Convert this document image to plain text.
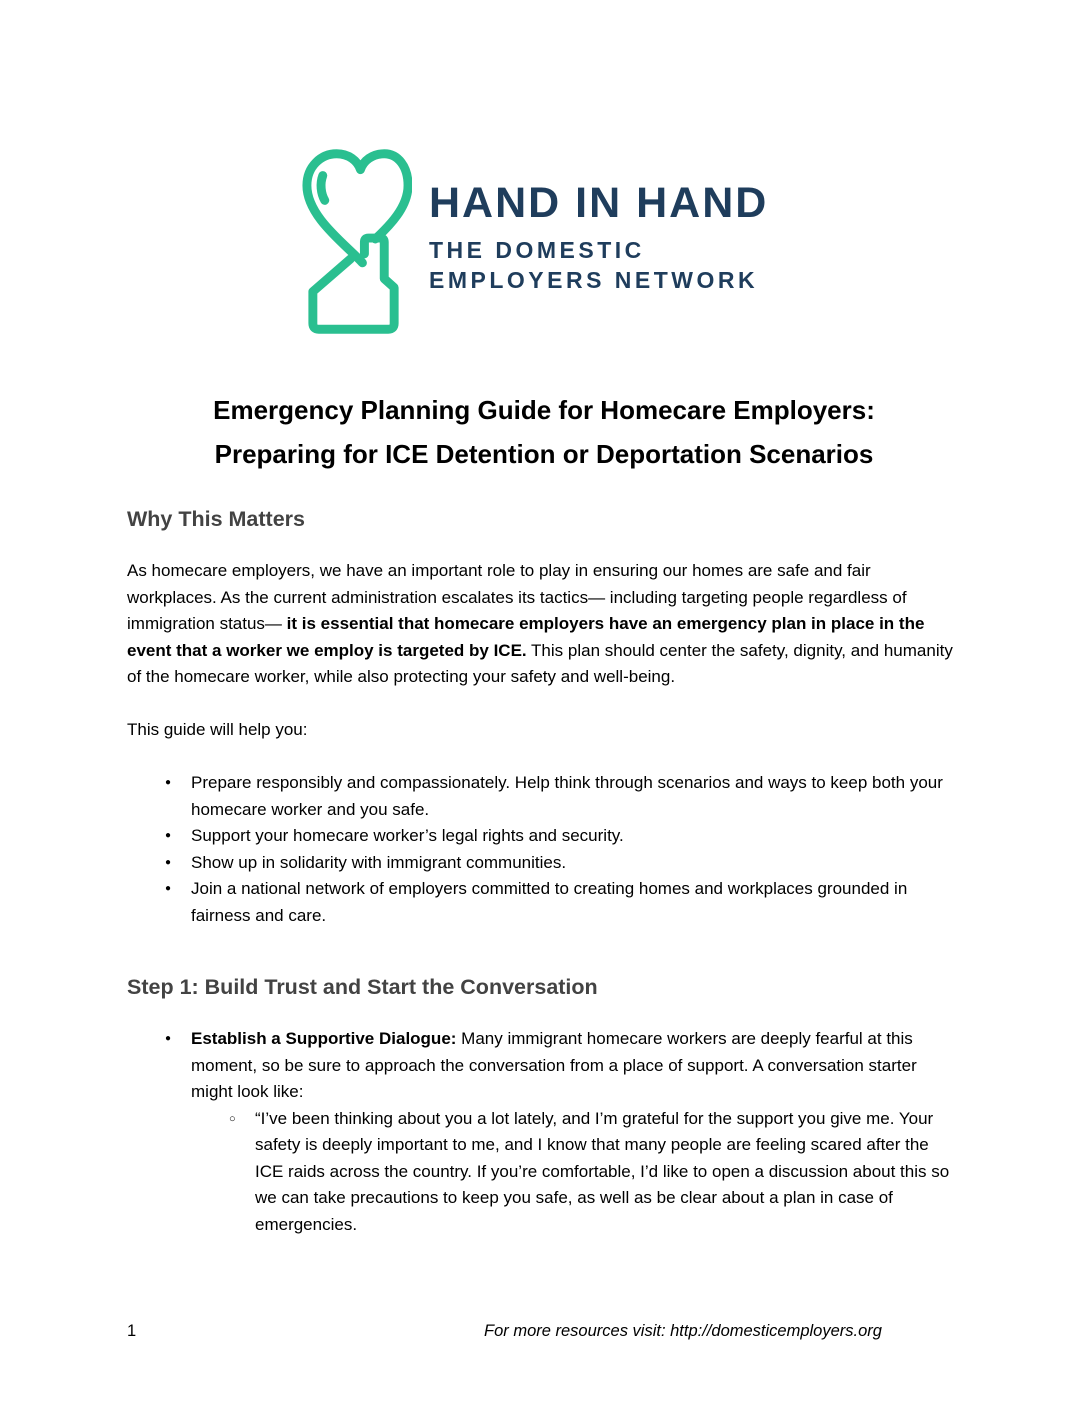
HAND IN HAND
THE DOMESTIC
EMPLOYERS NETWORK
Emergency Planning Guide for Homecare Employers:
Preparing for ICE Detention or Deportation Scenarios
Why This Matters
As homecare employers, we have an important role to play in ensuring our homes are safe and fair workplaces. As the current administration escalates its tactics— including targeting people regardless of immigration status— it is essential that homecare employers have an emergency plan in place in the event that a worker we employ is targeted by ICE. This plan should center the safety, dignity, and humanity of the homecare worker, while also protecting your safety and well-being.
This guide will help you:
●	Prepare responsibly and compassionately. Help think through scenarios and ways to keep both your homecare worker and you safe.
●	Support your homecare worker’s legal rights and security.
●	Show up in solidarity with immigrant communities.
●	Join a national network of employers committed to creating homes and workplaces grounded in fairness and care.
Step 1: Build Trust and Start the Conversation
●	Establish a Supportive Dialogue: Many immigrant homecare workers are deeply fearful at this moment, so be sure to approach the conversation from a place of support. A conversation starter might look like:
○	“I’ve been thinking about you a lot lately, and I’m grateful for the support you give me. Your safety is deeply important to me, and I know that many people are feeling scared after the ICE raids across the country. If you’re comfortable, I’d like to open a discussion about this so we can take precautions to keep you safe, as well as be clear about a plan in case of emergencies.
1	For more resources visit: http://domesticemployers.org
